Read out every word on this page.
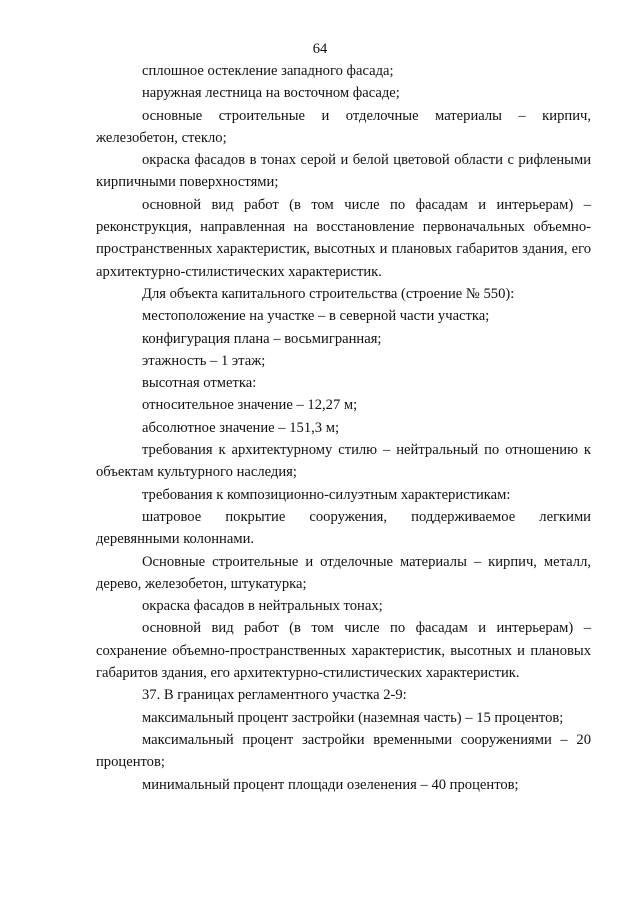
64

сплошное остекление западного фасада;

наружная лестница на восточном фасаде;

основные строительные и отделочные материалы – кирпич, железобетон, стекло;

окраска фасадов в тонах серой и белой цветовой области с рифлеными кирпичными поверхностями;

основной вид работ (в том числе по фасадам и интерьерам) – реконструкция, направленная на восстановление первоначальных объемно-пространственных характеристик, высотных и плановых габаритов здания, его архитектурно-стилистических характеристик.

Для объекта капитального строительства (строение № 550):

местоположение на участке – в северной части участка;

конфигурация плана – восьмигранная;

этажность – 1 этаж;

высотная отметка:

относительное значение – 12,27 м;

абсолютное значение – 151,3 м;

требования к архитектурному стилю – нейтральный по отношению к объектам культурного наследия;

требования к композиционно-силуэтным характеристикам:

шатровое покрытие сооружения, поддерживаемое легкими деревянными колоннами.

Основные строительные и отделочные материалы – кирпич, металл, дерево, железобетон, штукатурка;

окраска фасадов в нейтральных тонах;

основной вид работ (в том числе по фасадам и интерьерам) – сохранение объемно-пространственных характеристик, высотных и плановых габаритов здания, его архитектурно-стилистических характеристик.

37. В границах регламентного участка 2-9:

максимальный процент застройки (наземная часть) – 15 процентов;

максимальный процент застройки временными сооружениями – 20 процентов;

минимальный процент площади озеленения – 40 процентов;
